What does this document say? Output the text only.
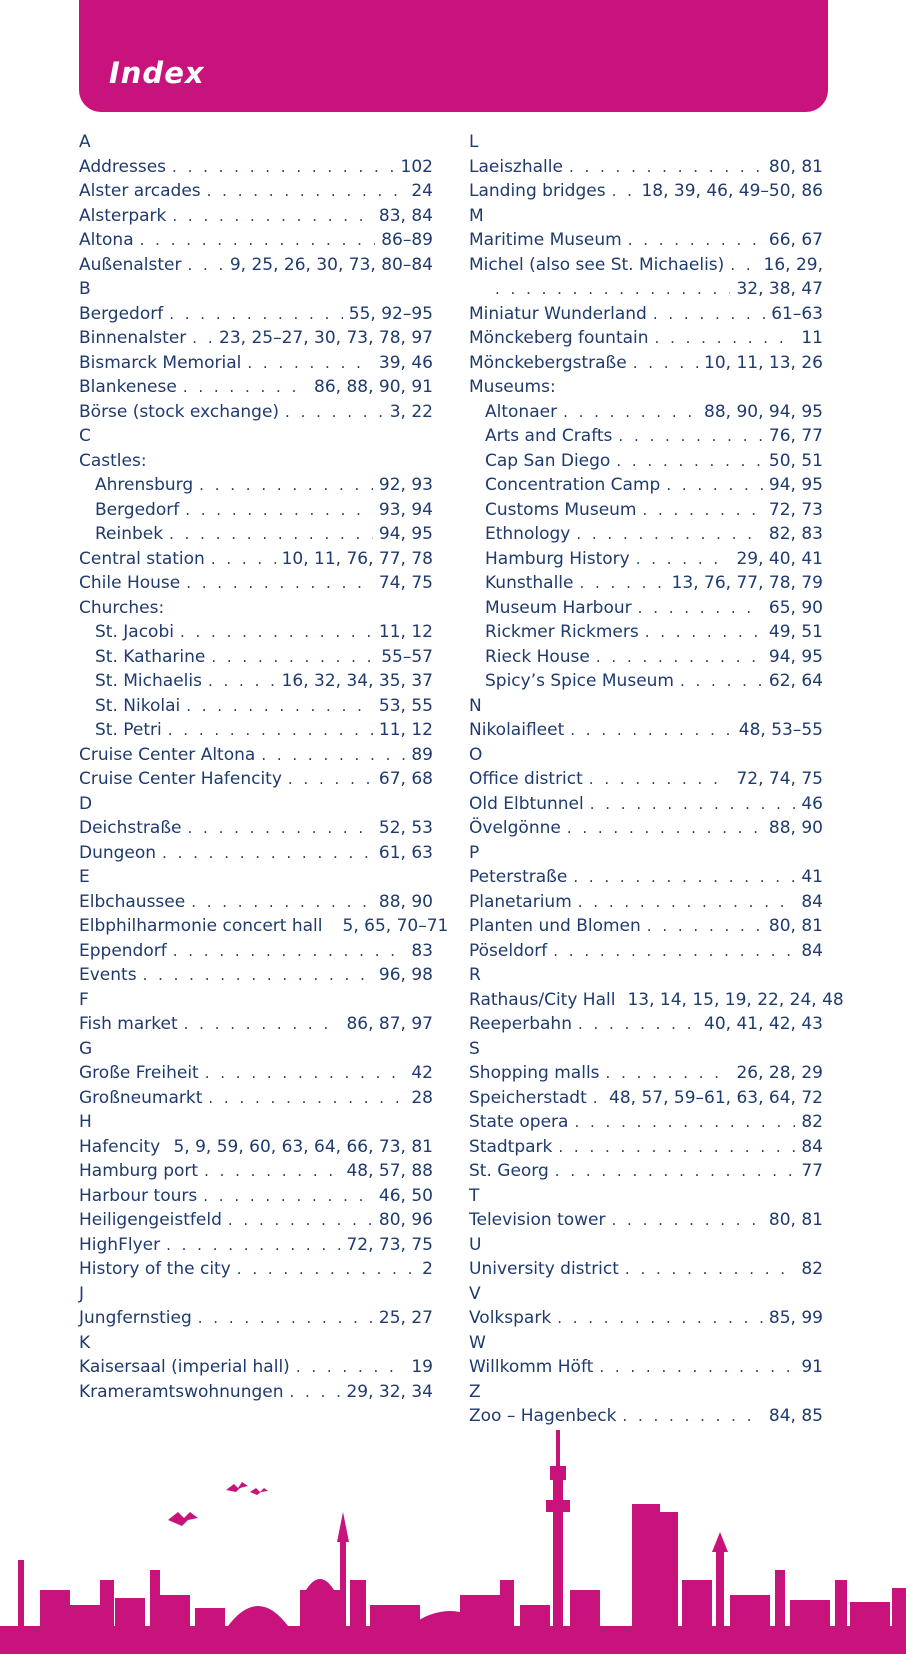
Index
A
Addresses . . .	102
Alster arcades . . .	24
Alsterpark . . .	83, 84
Altona . . .	86–89
Außenalster . . .	9, 25, 26, 30, 73, 80–84
B
Bergedorf . . .	55, 92–95
Binnenalster . . . 23, 25–27, 30, 73, 78, 97
Bismarck Memorial . . .	39, 46
Blankenese . . .	86, 88, 90, 91
Börse (stock exchange) . . .	3, 22
C
Castles:
Ahrensburg . . .	92, 93
Bergedorf . . .	93, 94
Reinbek . . .	94, 95
Central station . . .	10, 11, 76, 77, 78
Chile House . . .	74, 75
Churches:
St. Jacobi . . .	11, 12
St. Katharine . . .	55–57
St. Michaelis . . .	16, 32, 34, 35, 37
St. Nikolai . . .	53, 55
St. Petri . . .	11, 12
Cruise Center Altona . . .	89
Cruise Center Hafencity . . .	67, 68
D
Deichstraße . . .	52, 53
Dungeon . . .	61, 63
E
Elbchaussee . . .	88, 90
Elbphilharmonie concert hall 5, 65, 70–71
Eppendorf . . .	83
Events . . .	96, 98
F
Fish market . . .	86, 87, 97
G
Große Freiheit . . .	42
Großneumarkt . . .	28
H
Hafencity . . . 5, 9, 59, 60, 63, 64, 66, 73, 81
Hamburg port . . .	48, 57, 88
Harbour tours . . .	46, 50
Heiligengeistfeld . . .	80, 96
HighFlyer . . .	72, 73, 75
History of the city . . .	2
J
Jungfernstieg . . .	25, 27
K
Kaisersaal (imperial hall) . . .	19
Krameramtswohnungen . . .	29, 32, 34
L
Laeiszhalle . . .	80, 81
Landing bridges . . . 18, 39, 46, 49–50, 86
M
Maritime Museum . . .	66, 67
Michel (also see St. Michaelis) . . . 16, 29,
. . .
32, 38, 47
Miniatur Wunderland . . .	61–63
Mönckeberg fountain . . .	11
Mönckebergstraße . . .	10, 11, 13, 26
Museums:
Altonaer . . .	88, 90, 94, 95
Arts and Crafts . . .	76, 77
Cap San Diego . . .	50, 51
Concentration Camp . . .	94, 95
Customs Museum . . .	72, 73
Ethnology . . .	82, 83
Hamburg History . . .	29, 40, 41
Kunsthalle . . .	13, 76, 77, 78, 79
Museum Harbour . . .	65, 90
Rickmer Rickmers . . .	49, 51
Rieck House . . .	94, 95
Spicy’s Spice Museum . . .	62, 64
N
Nikolaifleet . . .	48, 53–55
O
Office district . . .	72, 74, 75
Old Elbtunnel . . .	46
Övelgönne . . .	88, 90
P
Peterstraße . . .	41
Planetarium . . .	84
Planten und Blomen . . .	80, 81
Pöseldorf . . .	84
R
Rathaus/City Hall 13, 14, 15, 19, 22, 24, 48
Reeperbahn . . .	40, 41, 42, 43
S
Shopping malls . . .	26, 28, 29
Speicherstadt . . . 48, 57, 59–61, 63, 64, 72
State opera . . .	82
Stadtpark . . .	84
St. Georg . . .	77
T
Television tower . . .	80, 81
U
University district . . .	82
V
Volkspark . . .	85, 99
W
Willkomm Höft . . .	91
Z
Zoo – Hagenbeck . . .	84, 85
